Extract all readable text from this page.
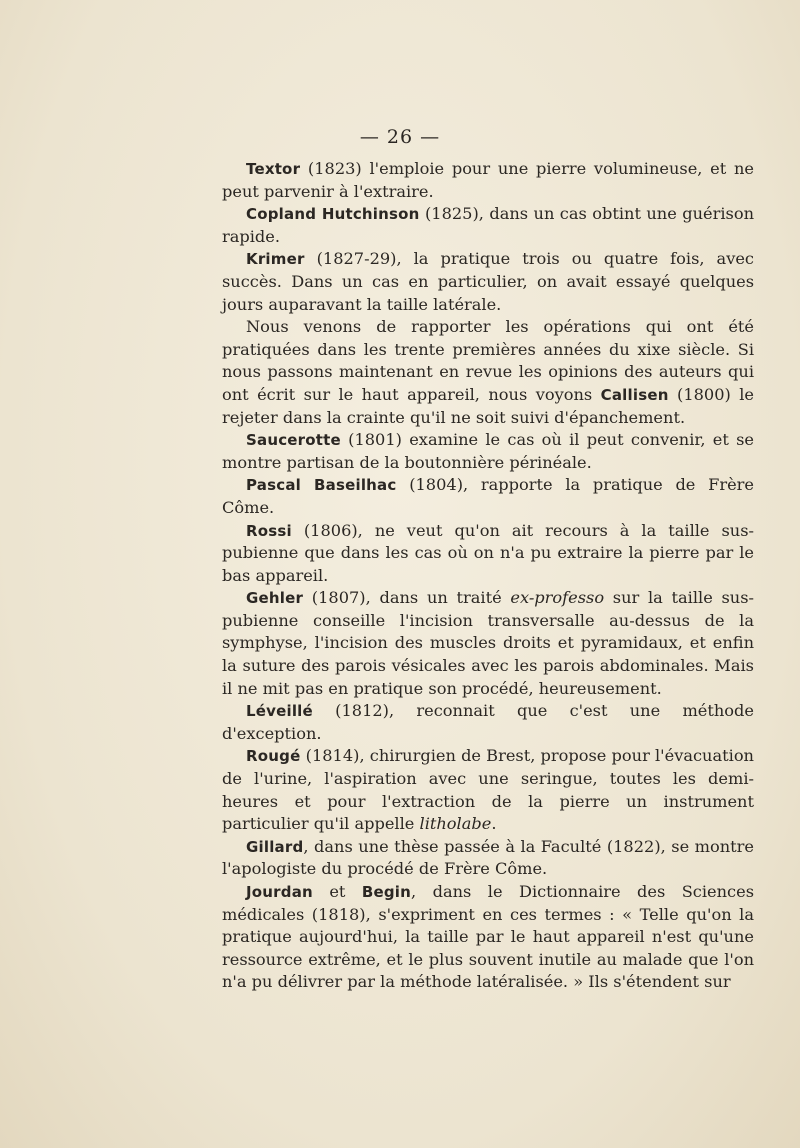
— 26 —

Textor (1823) l'emploie pour une pierre volumineuse, et ne peut parvenir à l'extraire.

Copland Hutchinson (1825), dans un cas obtint une guérison rapide.

Krimer (1827-29), la pratique trois ou quatre fois, avec succès. Dans un cas en particulier, on avait essayé quelques jours auparavant la taille latérale.

Nous venons de rapporter les opérations qui ont été pratiquées dans les trente premières années du xixe siècle. Si nous passons maintenant en revue les opinions des auteurs qui ont écrit sur le haut appareil, nous voyons Callisen (1800) le rejeter dans la crainte qu'il ne soit suivi d'épanchement.

Saucerotte (1801) examine le cas où il peut convenir, et se montre partisan de la boutonnière périnéale.

Pascal Baseilhac (1804), rapporte la pratique de Frère Côme.

Rossi (1806), ne veut qu'on ait recours à la taille sus-pubienne que dans les cas où on n'a pu extraire la pierre par le bas appareil.

Gehler (1807), dans un traité ex-professo sur la taille sus-pubienne conseille l'incision transversalle au-dessus de la symphyse, l'incision des muscles droits et pyramidaux, et enfin la suture des parois vésicales avec les parois abdominales. Mais il ne mit pas en pratique son procédé, heureusement.

Léveillé (1812), reconnait que c'est une méthode d'exception.

Rougé (1814), chirurgien de Brest, propose pour l'évacuation de l'urine, l'aspiration avec une seringue, toutes les demi-heures et pour l'extraction de la pierre un instrument particulier qu'il appelle litholabe.

Gillard, dans une thèse passée à la Faculté (1822), se montre l'apologiste du procédé de Frère Côme.

Jourdan et Begin, dans le Dictionnaire des Sciences médicales (1818), s'expriment en ces termes : « Telle qu'on la pratique aujourd'hui, la taille par le haut appareil n'est qu'une ressource extrême, et le plus souvent inutile au malade que l'on n'a pu délivrer par la méthode latéralisée. » Ils s'étendent sur
